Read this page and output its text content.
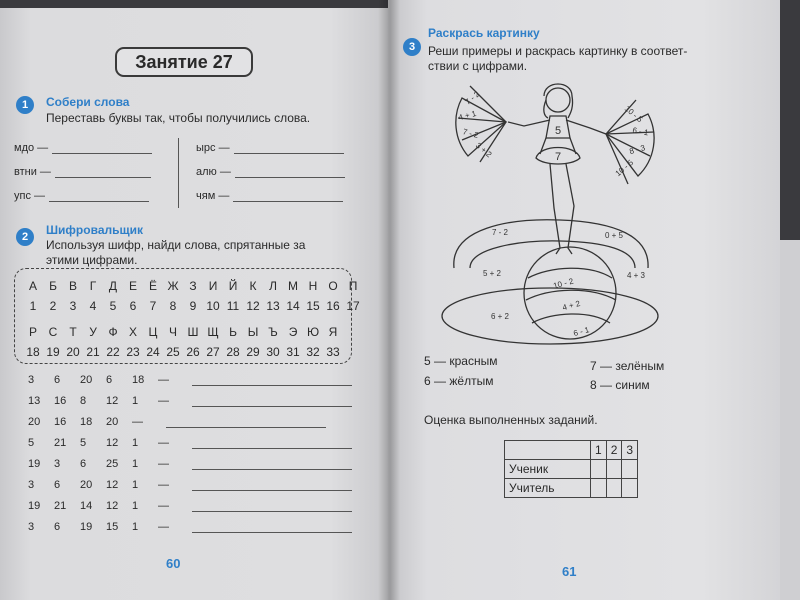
Занятие 27
1	Собери слова
Переставь буквы так, чтобы получились слова.
мдо
—
втни
—
упс
—
ырс
—
алю
—
чям
—
2	Шифровальщик
Используя шифр, найди слова, спрятанные за
этими цифрами.
А	Б	В	Г	Д Е Ё Ж З	И Й	К	Л М Н О П
1	2	3	4	5	6	7	8	9 10 11 12 13 14 15 16 17
Р С	Т	У Ф Х Ц Ч Ш Щ Ь Ы Ъ Э Ю Я
18 19 20 21 22 23 24 25 26 27 28 29 30 31 32 33
3	6	20	6	18	—
13	16	8	12	1	—
20	16	18	20	—
5	21	5	12	1	—
19	3	6	25	1	—
3	6	20	12	1	—
19	21	14	12	1	—
3	6	19	15	1	—
60
3
Раскрась картинку
Реши примеры и раскрась картинку в соответ-
ствии с цифрами.
5
7
7 - 2
4 + 1
7 - 2
3 + 2
10 - 5
6 - 1
8 - 3
10 - 5
7 - 2	0 + 5
5 + 2	4 + 3
10 - 2
4 + 2
6 + 2
6 - 1
5 — красным	7 — зелёным
6 — жёлтым	8 — синим
Оценка выполненных заданий.
	1	2	3
Ученик			
Учитель			
61
